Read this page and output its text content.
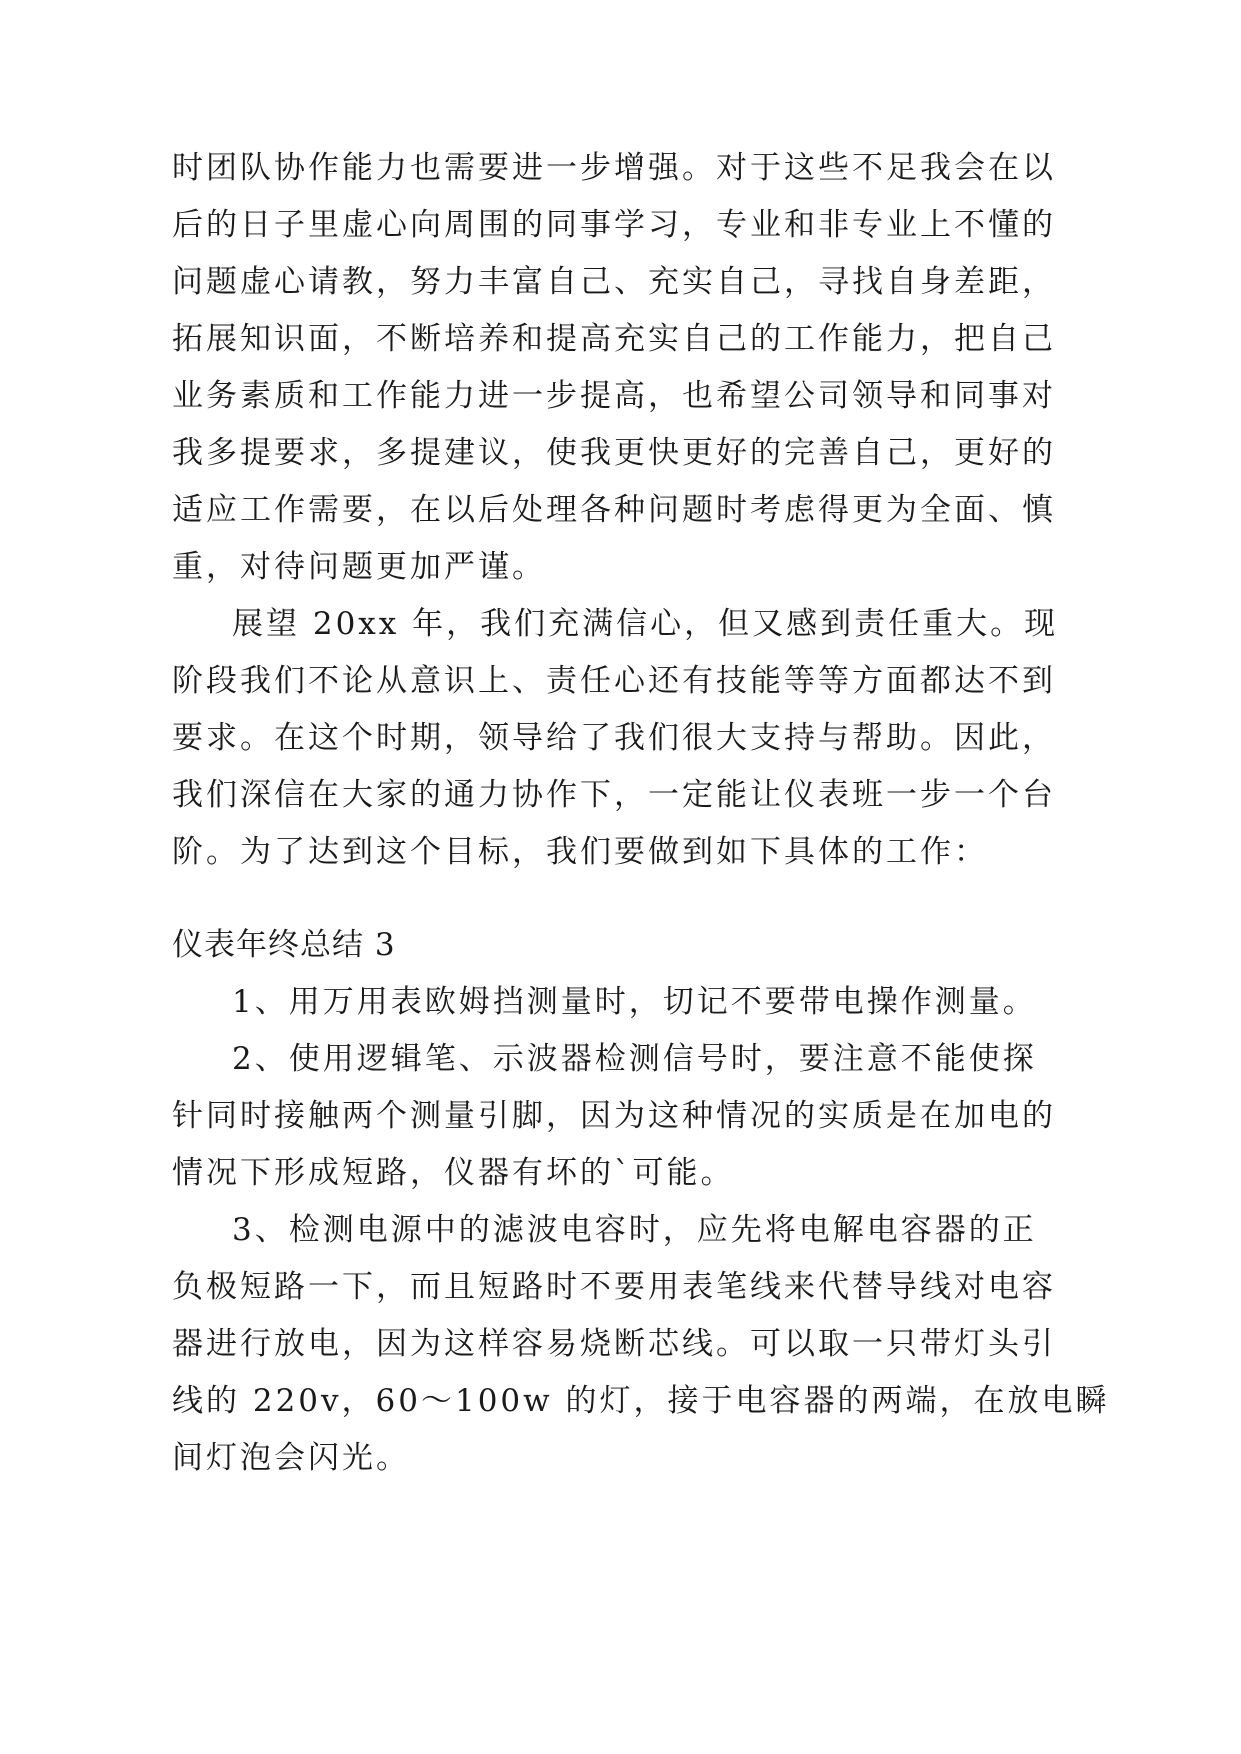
时团队协作能力也需要进一步增强。对于这些不足我会在以

后的日子里虚心向周围的同事学习，专业和非专业上不懂的

问题虚心请教，努力丰富自己、充实自己，寻找自身差距，

拓展知识面，不断培养和提高充实自己的工作能力，把自己

业务素质和工作能力进一步提高，也希望公司领导和同事对

我多提要求，多提建议，使我更快更好的完善自己，更好的

适应工作需要，在以后处理各种问题时考虑得更为全面、慎

重，对待问题更加严谨。

展望 20xx 年，我们充满信心，但又感到责任重大。现

阶段我们不论从意识上、责任心还有技能等等方面都达不到

要求。在这个时期，领导给了我们很大支持与帮助。因此，

我们深信在大家的通力协作下，一定能让仪表班一步一个台

阶。为了达到这个目标，我们要做到如下具体的工作：

仪表年终总结 3

1、用万用表欧姆挡测量时，切记不要带电操作测量。

2、使用逻辑笔、示波器检测信号时，要注意不能使探

针同时接触两个测量引脚，因为这种情况的实质是在加电的

情况下形成短路，仪器有坏的`可能。

3、检测电源中的滤波电容时，应先将电解电容器的正

负极短路一下，而且短路时不要用表笔线来代替导线对电容

器进行放电，因为这样容易烧断芯线。可以取一只带灯头引

线的 220v，60～100w 的灯，接于电容器的两端，在放电瞬

间灯泡会闪光。
